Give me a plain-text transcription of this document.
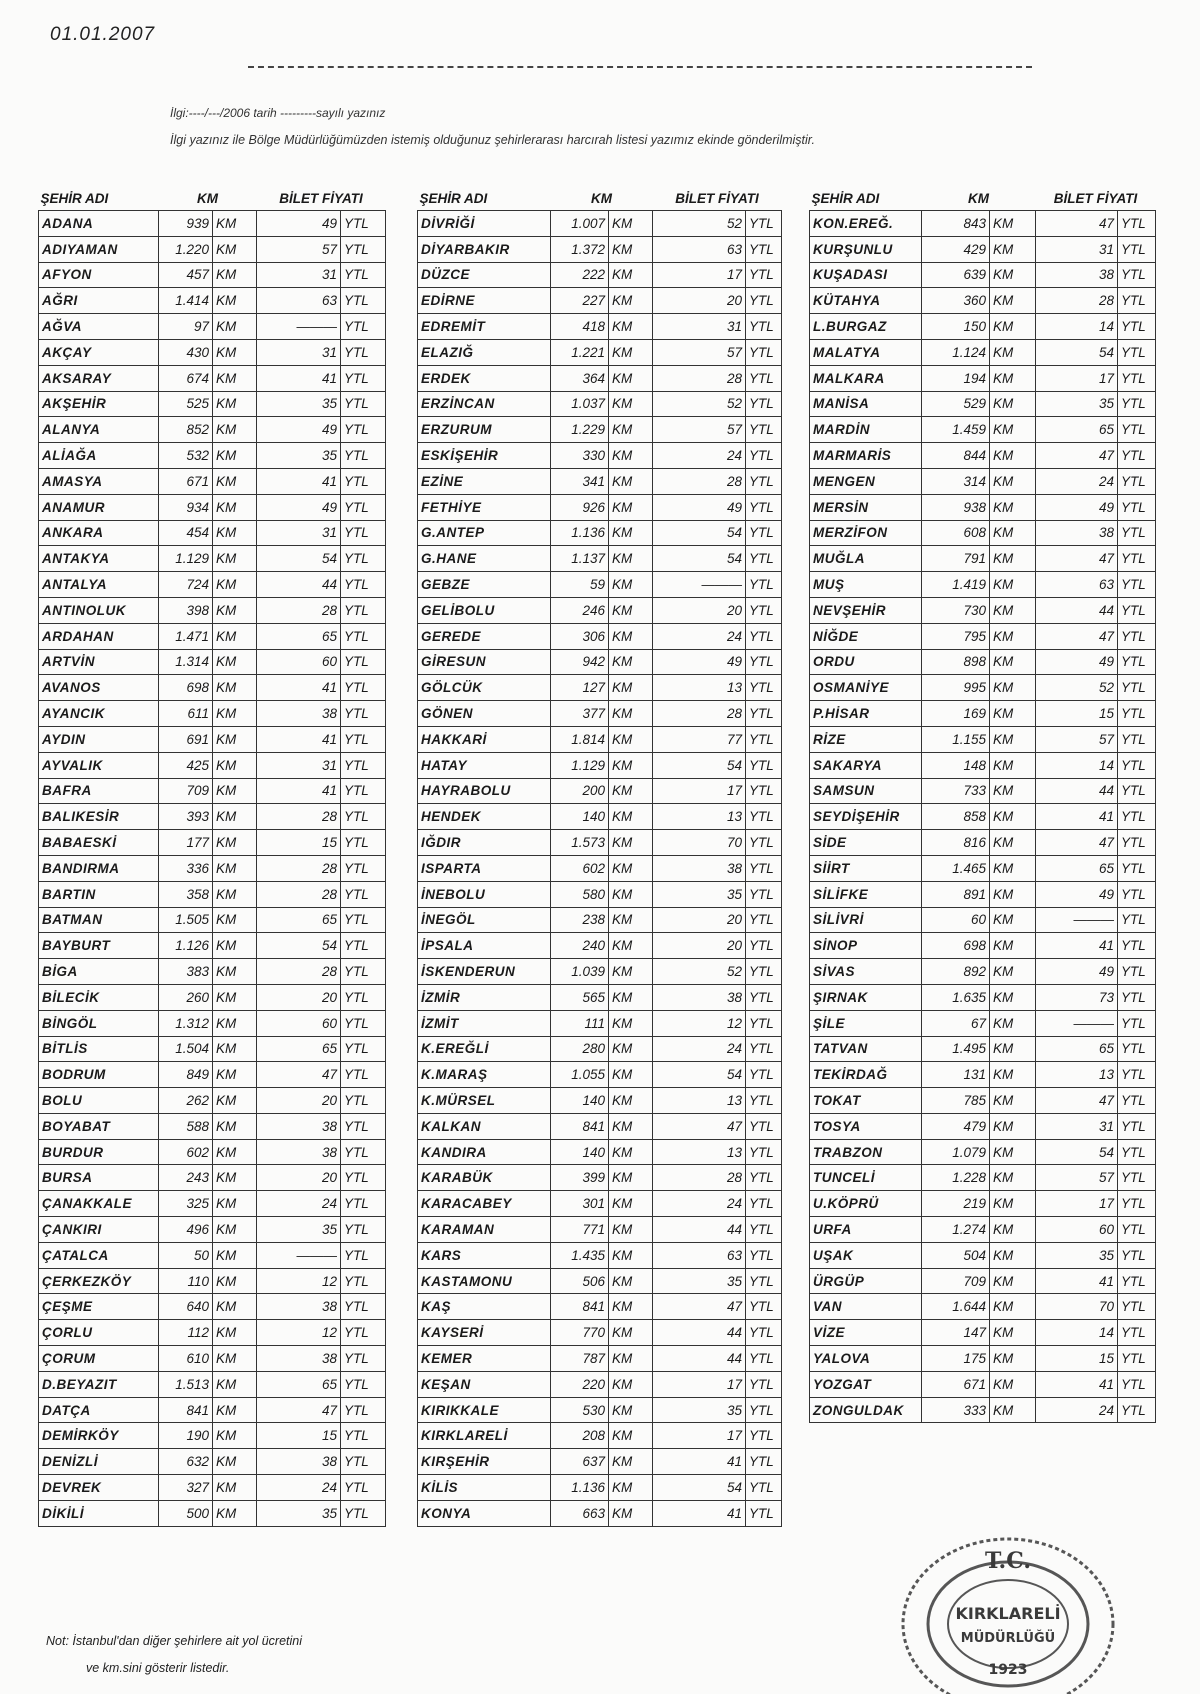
01.01.2007
İlgi:----/---/2006 tarih ---------sayılı yazınız
İlgi yazınız ile Bölge Müdürlüğümüzden istemiş olduğunuz şehirlerarası harcırah listesi yazımız ekinde gönderilmiştir.
ŞEHİR ADI	KM		BİLET FİYATI	
ADANA	939	KM	49	YTL
ADIYAMAN	1.220	KM	57	YTL
AFYON	457	KM	31	YTL
AĞRI	1.414	KM	63	YTL
AĞVA	97	KM	———	YTL
AKÇAY	430	KM	31	YTL
AKSARAY	674	KM	41	YTL
AKŞEHİR	525	KM	35	YTL
ALANYA	852	KM	49	YTL
ALİAĞA	532	KM	35	YTL
AMASYA	671	KM	41	YTL
ANAMUR	934	KM	49	YTL
ANKARA	454	KM	31	YTL
ANTAKYA	1.129	KM	54	YTL
ANTALYA	724	KM	44	YTL
ANTINOLUK	398	KM	28	YTL
ARDAHAN	1.471	KM	65	YTL
ARTVİN	1.314	KM	60	YTL
AVANOS	698	KM	41	YTL
AYANCIK	611	KM	38	YTL
AYDIN	691	KM	41	YTL
AYVALIK	425	KM	31	YTL
BAFRA	709	KM	41	YTL
BALIKESİR	393	KM	28	YTL
BABAESKİ	177	KM	15	YTL
BANDIRMA	336	KM	28	YTL
BARTIN	358	KM	28	YTL
BATMAN	1.505	KM	65	YTL
BAYBURT	1.126	KM	54	YTL
BİGA	383	KM	28	YTL
BİLECİK	260	KM	20	YTL
BİNGÖL	1.312	KM	60	YTL
BİTLİS	1.504	KM	65	YTL
BODRUM	849	KM	47	YTL
BOLU	262	KM	20	YTL
BOYABAT	588	KM	38	YTL
BURDUR	602	KM	38	YTL
BURSA	243	KM	20	YTL
ÇANAKKALE	325	KM	24	YTL
ÇANKIRI	496	KM	35	YTL
ÇATALCA	50	KM	———	YTL
ÇERKEZKÖY	110	KM	12	YTL
ÇEŞME	640	KM	38	YTL
ÇORLU	112	KM	12	YTL
ÇORUM	610	KM	38	YTL
D.BEYAZIT	1.513	KM	65	YTL
DATÇA	841	KM	47	YTL
DEMİRKÖY	190	KM	15	YTL
DENİZLİ	632	KM	38	YTL
DEVREK	327	KM	24	YTL
DİKİLİ	500	KM	35	YTL
ŞEHİR ADI	KM		BİLET FİYATI	
DİVRİĞİ	1.007	KM	52	YTL
DİYARBAKIR	1.372	KM	63	YTL
DÜZCE	222	KM	17	YTL
EDİRNE	227	KM	20	YTL
EDREMİT	418	KM	31	YTL
ELAZIĞ	1.221	KM	57	YTL
ERDEK	364	KM	28	YTL
ERZİNCAN	1.037	KM	52	YTL
ERZURUM	1.229	KM	57	YTL
ESKİŞEHİR	330	KM	24	YTL
EZİNE	341	KM	28	YTL
FETHİYE	926	KM	49	YTL
G.ANTEP	1.136	KM	54	YTL
G.HANE	1.137	KM	54	YTL
GEBZE	59	KM	———	YTL
GELİBOLU	246	KM	20	YTL
GEREDE	306	KM	24	YTL
GİRESUN	942	KM	49	YTL
GÖLCÜK	127	KM	13	YTL
GÖNEN	377	KM	28	YTL
HAKKARİ	1.814	KM	77	YTL
HATAY	1.129	KM	54	YTL
HAYRABOLU	200	KM	17	YTL
HENDEK	140	KM	13	YTL
IĞDIR	1.573	KM	70	YTL
ISPARTA	602	KM	38	YTL
İNEBOLU	580	KM	35	YTL
İNEGÖL	238	KM	20	YTL
İPSALA	240	KM	20	YTL
İSKENDERUN	1.039	KM	52	YTL
İZMİR	565	KM	38	YTL
İZMİT	111	KM	12	YTL
K.EREĞLİ	280	KM	24	YTL
K.MARAŞ	1.055	KM	54	YTL
K.MÜRSEL	140	KM	13	YTL
KALKAN	841	KM	47	YTL
KANDIRA	140	KM	13	YTL
KARABÜK	399	KM	28	YTL
KARACABEY	301	KM	24	YTL
KARAMAN	771	KM	44	YTL
KARS	1.435	KM	63	YTL
KASTAMONU	506	KM	35	YTL
KAŞ	841	KM	47	YTL
KAYSERİ	770	KM	44	YTL
KEMER	787	KM	44	YTL
KEŞAN	220	KM	17	YTL
KIRIKKALE	530	KM	35	YTL
KIRKLARELİ	208	KM	17	YTL
KIRŞEHİR	637	KM	41	YTL
KİLİS	1.136	KM	54	YTL
KONYA	663	KM	41	YTL
ŞEHİR ADI	KM		BİLET FİYATI	
KON.EREĞ.	843	KM	47	YTL
KURŞUNLU	429	KM	31	YTL
KUŞADASI	639	KM	38	YTL
KÜTAHYA	360	KM	28	YTL
L.BURGAZ	150	KM	14	YTL
MALATYA	1.124	KM	54	YTL
MALKARA	194	KM	17	YTL
MANİSA	529	KM	35	YTL
MARDİN	1.459	KM	65	YTL
MARMARİS	844	KM	47	YTL
MENGEN	314	KM	24	YTL
MERSİN	938	KM	49	YTL
MERZİFON	608	KM	38	YTL
MUĞLA	791	KM	47	YTL
MUŞ	1.419	KM	63	YTL
NEVŞEHİR	730	KM	44	YTL
NİĞDE	795	KM	47	YTL
ORDU	898	KM	49	YTL
OSMANİYE	995	KM	52	YTL
P.HİSAR	169	KM	15	YTL
RİZE	1.155	KM	57	YTL
SAKARYA	148	KM	14	YTL
SAMSUN	733	KM	44	YTL
SEYDİŞEHİR	858	KM	41	YTL
SİDE	816	KM	47	YTL
SİİRT	1.465	KM	65	YTL
SİLİFKE	891	KM	49	YTL
SİLİVRİ	60	KM	———	YTL
SİNOP	698	KM	41	YTL
SİVAS	892	KM	49	YTL
ŞIRNAK	1.635	KM	73	YTL
ŞİLE	67	KM	———	YTL
TATVAN	1.495	KM	65	YTL
TEKİRDAĞ	131	KM	13	YTL
TOKAT	785	KM	47	YTL
TOSYA	479	KM	31	YTL
TRABZON	1.079	KM	54	YTL
TUNCELİ	1.228	KM	57	YTL
U.KÖPRÜ	219	KM	17	YTL
URFA	1.274	KM	60	YTL
UŞAK	504	KM	35	YTL
ÜRGÜP	709	KM	41	YTL
VAN	1.644	KM	70	YTL
VİZE	147	KM	14	YTL
YALOVA	175	KM	15	YTL
YOZGAT	671	KM	41	YTL
ZONGULDAK	333	KM	24	YTL
Not: İstanbul'dan diğer şehirlere ait yol ücretini
ve km.sini gösterir listedir.
T.C.
KIRKLARELİ
MÜDÜRLÜĞÜ
1923
